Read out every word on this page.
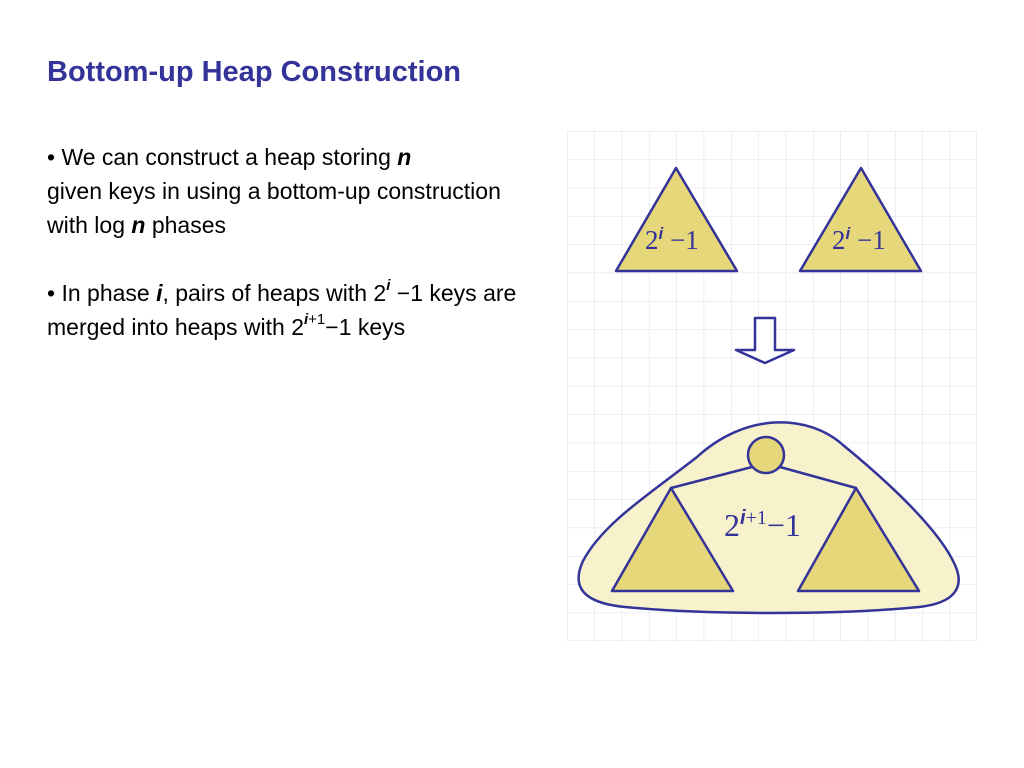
Bottom-up Heap Construction

• We can construct a heap storing n
given keys in using a bottom-up construction with log n phases

• In phase i, pairs of heaps with $2^i -1$ keys are merged into heaps with $2^{i+1}-1$ keys

$2^i -1$	$2^i -1$
$2^i+1-1$
